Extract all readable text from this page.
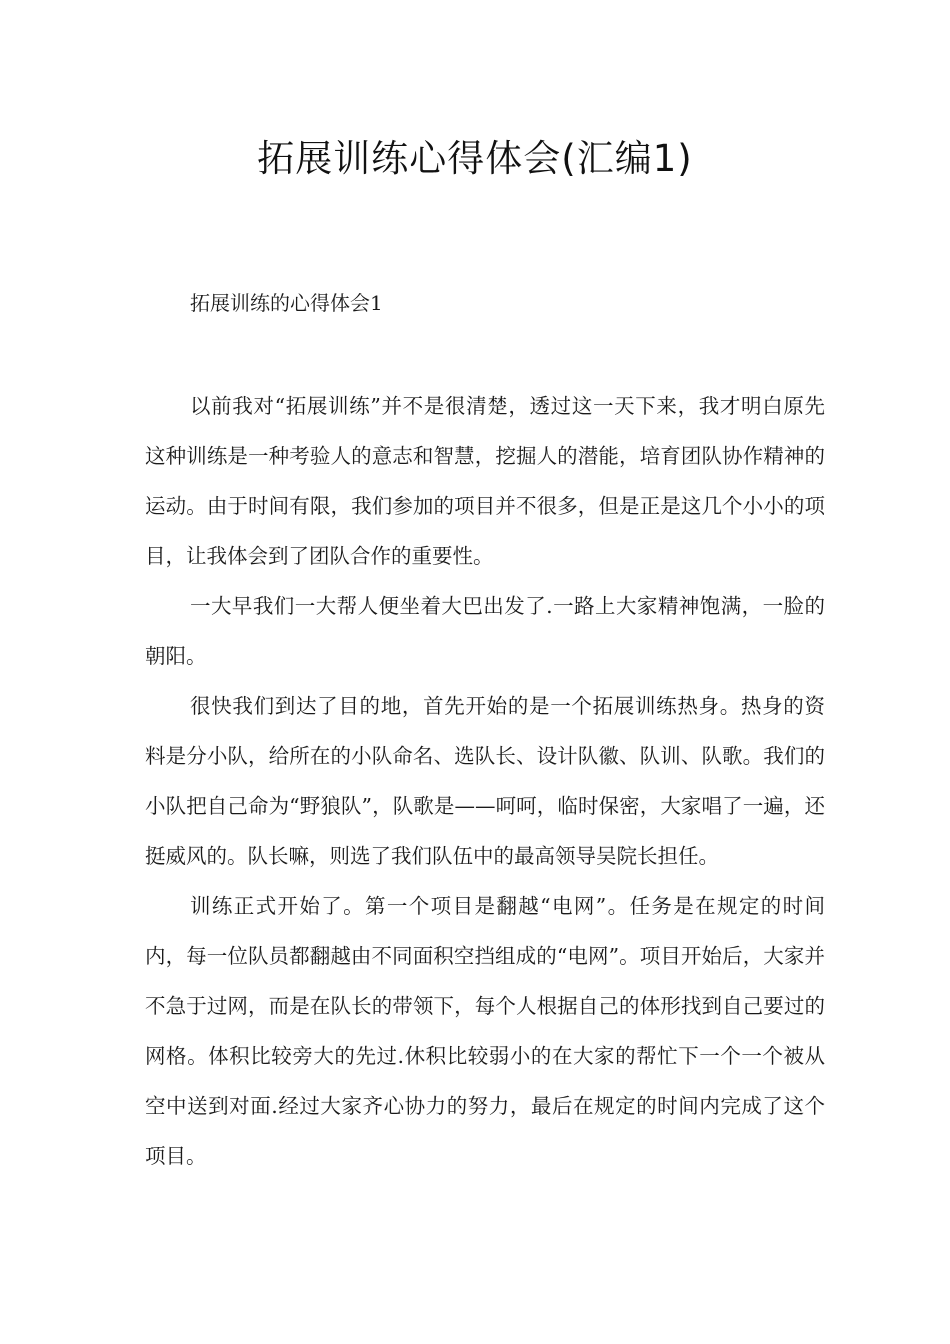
拓展训练心得体会(汇编1)

拓展训练的心得体会1

以前我对“拓展训练”并不是很清楚，透过这一天下来，我才明白原先这种训练是一种考验人的意志和智慧，挖掘人的潜能，培育团队协作精神的运动。由于时间有限，我们参加的项目并不很多，但是正是这几个小小的项目，让我体会到了团队合作的重要性。

一大早我们一大帮人便坐着大巴出发了.一路上大家精神饱满，一脸的朝阳。

很快我们到达了目的地，首先开始的是一个拓展训练热身。热身的资料是分小队，给所在的小队命名、选队长、设计队徽、队训、队歌。我们的小队把自己命为“野狼队”，队歌是——呵呵，临时保密，大家唱了一遍，还挺威风的。队长嘛，则选了我们队伍中的最高领导吴院长担任。

训练正式开始了。第一个项目是翻越“电网”。任务是在规定的时间内，每一位队员都翻越由不同面积空挡组成的“电网”。项目开始后，大家并不急于过网，而是在队长的带领下，每个人根据自己的体形找到自己要过的网格。体积比较旁大的先过.休积比较弱小的在大家的帮忙下一个一个被从空中送到对面.经过大家齐心协力的努力，最后在规定的时间内完成了这个项目。
